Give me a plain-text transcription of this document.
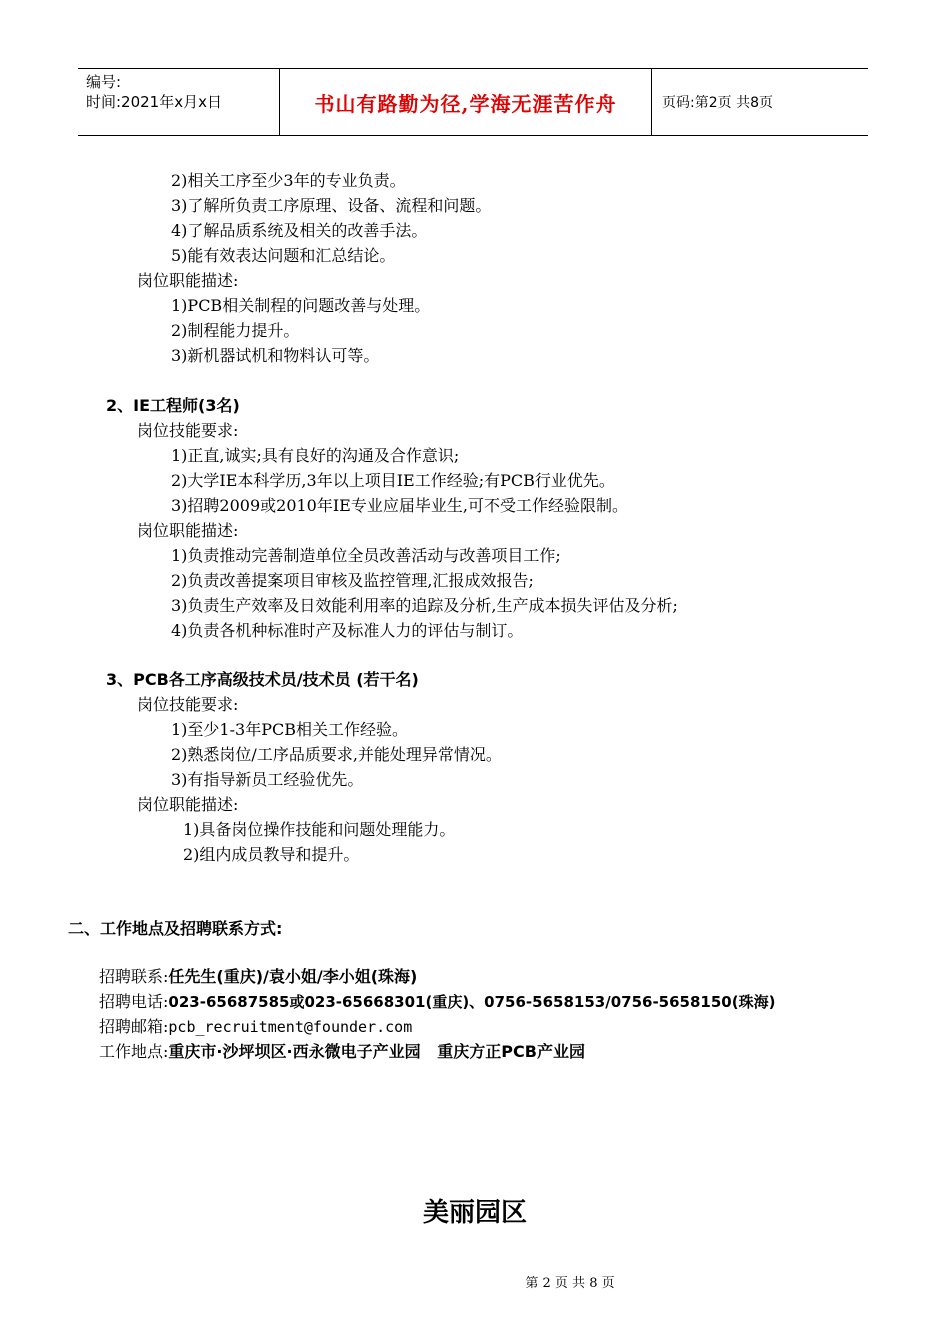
编号:
时间:2021年x月x日	书山有路勤为径,学海无涯苦作舟	页码:第2页 共8页
2)相关工序至少3年的专业负责。
3)了解所负责工序原理、设备、流程和问题。
4)了解品质系统及相关的改善手法。
5)能有效表达问题和汇总结论。
岗位职能描述:
1)PCB相关制程的问题改善与处理。
2)制程能力提升。
3)新机器试机和物料认可等。
2、IE工程师(3名)
岗位技能要求:
1)正直,诚实;具有良好的沟通及合作意识;
2)大学IE本科学历,3年以上项目IE工作经验;有PCB行业优先。
3)招聘2009或2010年IE专业应届毕业生,可不受工作经验限制。
岗位职能描述:
1)负责推动完善制造单位全员改善活动与改善项目工作;
2)负责改善提案项目审核及监控管理,汇报成效报告;
3)负责生产效率及日效能利用率的追踪及分析,生产成本损失评估及分析;
4)负责各机种标准时产及标准人力的评估与制订。
3、PCB各工序高级技术员/技术员 (若干名)
岗位技能要求:
1)至少1-3年PCB相关工作经验。
2)熟悉岗位/工序品质要求,并能处理异常情况。
3)有指导新员工经验优先。
岗位职能描述:
1)具备岗位操作技能和问题处理能力。
2)组内成员教导和提升。
二、工作地点及招聘联系方式:
招聘联系:任先生(重庆)/袁小姐/李小姐(珠海)
招聘电话:023-65687585或023-65668301(重庆)、0756-5658153/0756-5658150(珠海)
招聘邮箱:pcb_recruitment@founder.com
工作地点:重庆市·沙坪坝区·西永微电子产业园   重庆方正PCB产业园
美丽园区
第 2 页 共 8 页
